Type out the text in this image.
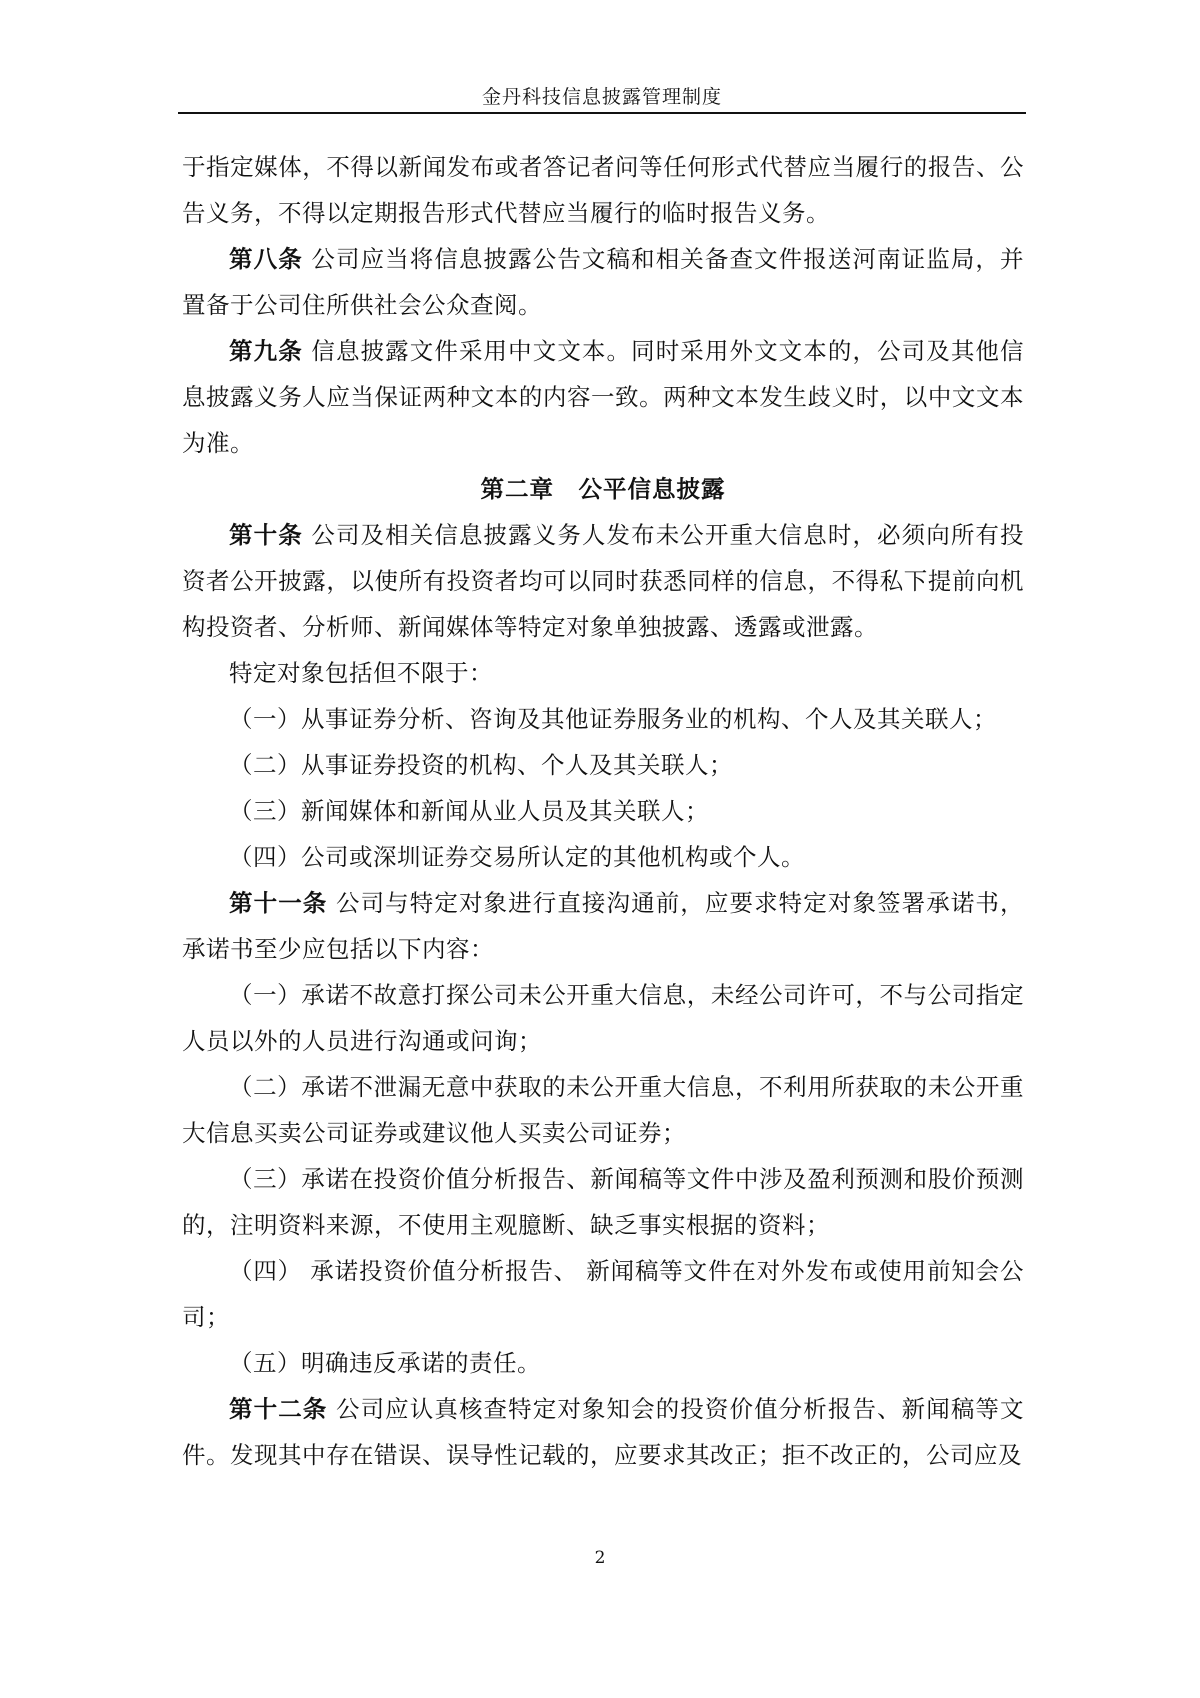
金丹科技信息披露管理制度

于指定媒体，不得以新闻发布或者答记者问等任何形式代替应当履行的报告、公告义务，不得以定期报告形式代替应当履行的临时报告义务。

第八条 公司应当将信息披露公告文稿和相关备查文件报送河南证监局，并置备于公司住所供社会公众查阅。

第九条 信息披露文件采用中文文本。同时采用外文文本的，公司及其他信息披露义务人应当保证两种文本的内容一致。两种文本发生歧义时，以中文文本为准。

第二章　公平信息披露

第十条 公司及相关信息披露义务人发布未公开重大信息时，必须向所有投资者公开披露，以使所有投资者均可以同时获悉同样的信息，不得私下提前向机构投资者、分析师、新闻媒体等特定对象单独披露、透露或泄露。

特定对象包括但不限于：

（一）从事证券分析、咨询及其他证券服务业的机构、个人及其关联人；

（二）从事证券投资的机构、个人及其关联人；

（三）新闻媒体和新闻从业人员及其关联人；

（四）公司或深圳证券交易所认定的其他机构或个人。

第十一条 公司与特定对象进行直接沟通前，应要求特定对象签署承诺书，承诺书至少应包括以下内容：

（一）承诺不故意打探公司未公开重大信息，未经公司许可，不与公司指定人员以外的人员进行沟通或问询；

（二）承诺不泄漏无意中获取的未公开重大信息，不利用所获取的未公开重大信息买卖公司证券或建议他人买卖公司证券；

（三）承诺在投资价值分析报告、新闻稿等文件中涉及盈利预测和股价预测的，注明资料来源，不使用主观臆断、缺乏事实根据的资料；

（四） 承诺投资价值分析报告、 新闻稿等文件在对外发布或使用前知会公司；

（五）明确违反承诺的责任。

第十二条 公司应认真核查特定对象知会的投资价值分析报告、新闻稿等文件。发现其中存在错误、误导性记载的，应要求其改正；拒不改正的，公司应及

2
